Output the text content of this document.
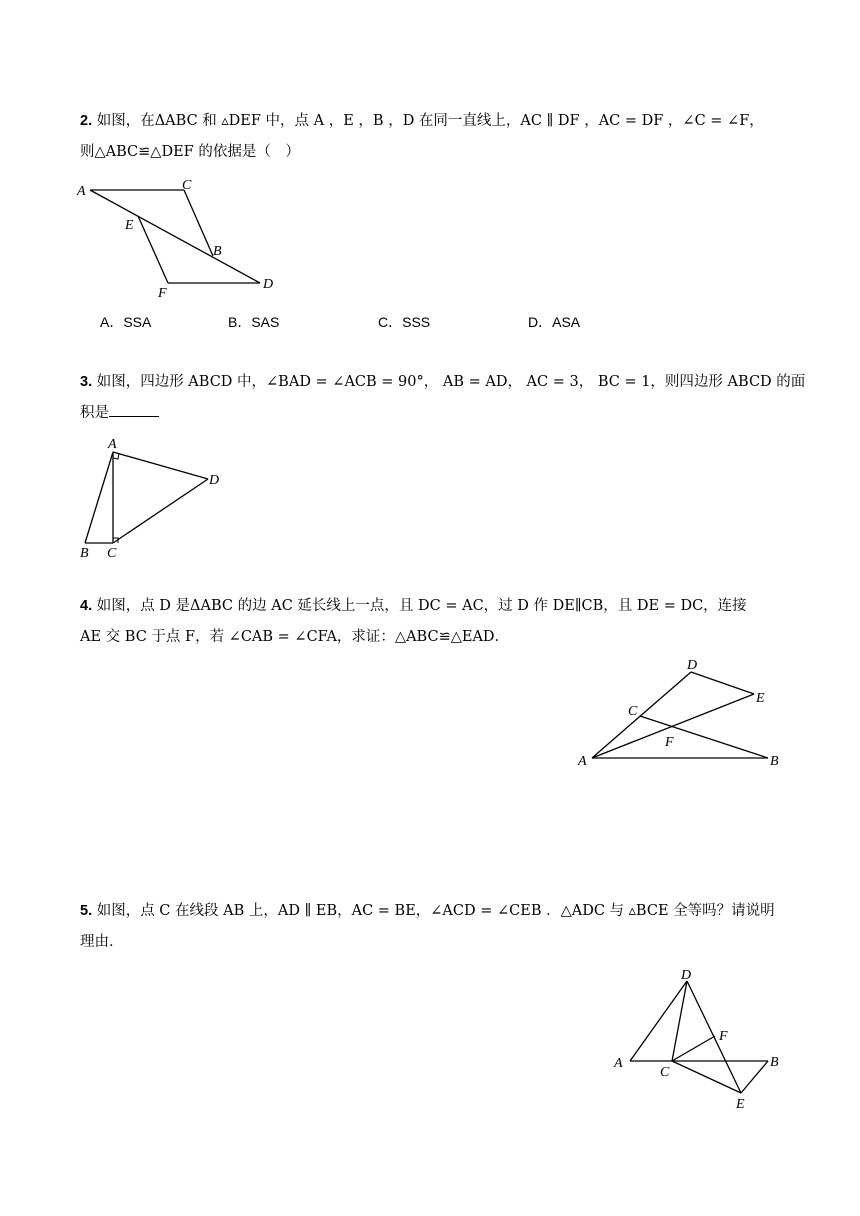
2. 如图，在ΔABC 和 ▵DEF 中，点 A ，E ，B ，D 在同一直线上，AC ∥ DF ，AC = DF ，∠C = ∠F，
则△ABC≌△DEF 的依据是（　）
A	C
E
B
F
D
A．SSA	B．SAS	C．SSS	D．ASA
3. 如图，四边形 ABCD 中，∠BAD = ∠ACB = 90°， AB = AD， AC = 3， BC = 1，则四边形 ABCD 的面
积是
A
D
B C
4. 如图，点 D 是ΔABC 的边 AC 延长线上一点，且 DC = AC，过 D 作 DE∥CB，且 DE = DC，连接
AE 交 BC 于点 F，若 ∠CAB = ∠CFA，求证：△ABC≌△EAD．
D
E
C
F
A	B
5. 如图，点 C 在线段 AB 上，AD ∥ EB，AC = BE，∠ACD = ∠CEB ．△ADC 与 ▵BCE 全等吗？请说明
理由．
D
F
A
C
B
E
